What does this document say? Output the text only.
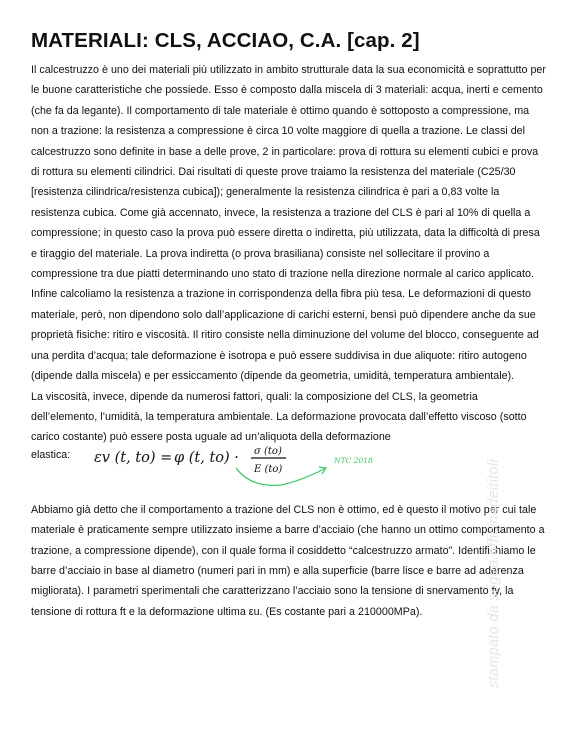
MATERIALI: CLS, ACCIAO, C.A. [cap. 2]

Il calcestruzzo è uno dei materiali più utilizzato in ambito strutturale data la sua economicità e soprattutto per le buone caratteristiche che possiede. Esso è composto dalla miscela di 3 materiali: acqua, inerti e cemento (che fa da legante). Il comportamento di tale materiale è ottimo quando è sottoposto a compressione, ma non a trazione: la resistenza a compressione è circa 10 volte maggiore di quella a trazione. Le classi del calcestruzzo sono definite in base a delle prove, 2 in particolare: prova di rottura su elementi cubici e prova di rottura su elementi cilindrici. Dai risultati di queste prove traiamo la resistenza del materiale (C25/30 [resistenza cilindrica/resistenza cubica]); generalmente la resistenza cilindrica è pari a 0,83 volte la resistenza cubica. Come già accennato, invece, la resistenza a trazione del CLS è pari al 10% di quella a compressione; in questo caso la prova può essere diretta o indiretta, più utilizzata, data la difficoltà di presa e tiraggio del materiale. La prova indiretta (o prova brasiliana) consiste nel sollecitare il provino a compressione tra due piatti determinando uno stato di trazione nella direzione normale al carico applicato. Infine calcoliamo la resistenza a trazione in corrispondenza della fibra più tesa. Le deformazioni di questo materiale, però, non dipendono solo dall’applicazione di carichi esterni, bensì può dipendere anche da sue proprietà fisiche: ritiro e viscosità. Il ritiro consiste nella diminuzione del volume del blocco, conseguente ad una perdita d’acqua; tale deformazione è isotropa e può essere suddivisa in due aliquote: ritiro autogeno (dipende dalla miscela) e per essiccamento (dipende da geometria, umidità, temperatura ambientale).

La viscosità, invece, dipende da numerosi fattori, quali: la composizione del CLS, la geometria dell’elemento, l’umidità, la temperatura ambientale. La deformazione provocata dall’effetto viscoso (sotto carico costante) può essere posta uguale ad un’aliquota della deformazione

elastica: εv (t, to) = φ (t, to) · σ (to)
E (to)
NTC 2018

Abbiamo già detto che il comportamento a trazione del CLS non è ottimo, ed è questo il motivo per cui tale materiale è praticamente sempre utilizzato insieme a barre d’acciaio (che hanno un ottimo comportamento a trazione, a compressione dipende), con il quale forma il cosiddetto “calcestruzzo armato”. Identifichiamo le barre d’acciaio in base al diametro (numeri pari in mm) e alla superficie (barre lisce e barre ad aderenza migliorata). I parametri sperimentali che caratterizzano l’acciaio sono la tensione di snervamento fy, la tensione di rottura ft e la deformazione ultima εu. (Es costante pari a 210000MPa).	stampato da sogea.officinadeititoli
